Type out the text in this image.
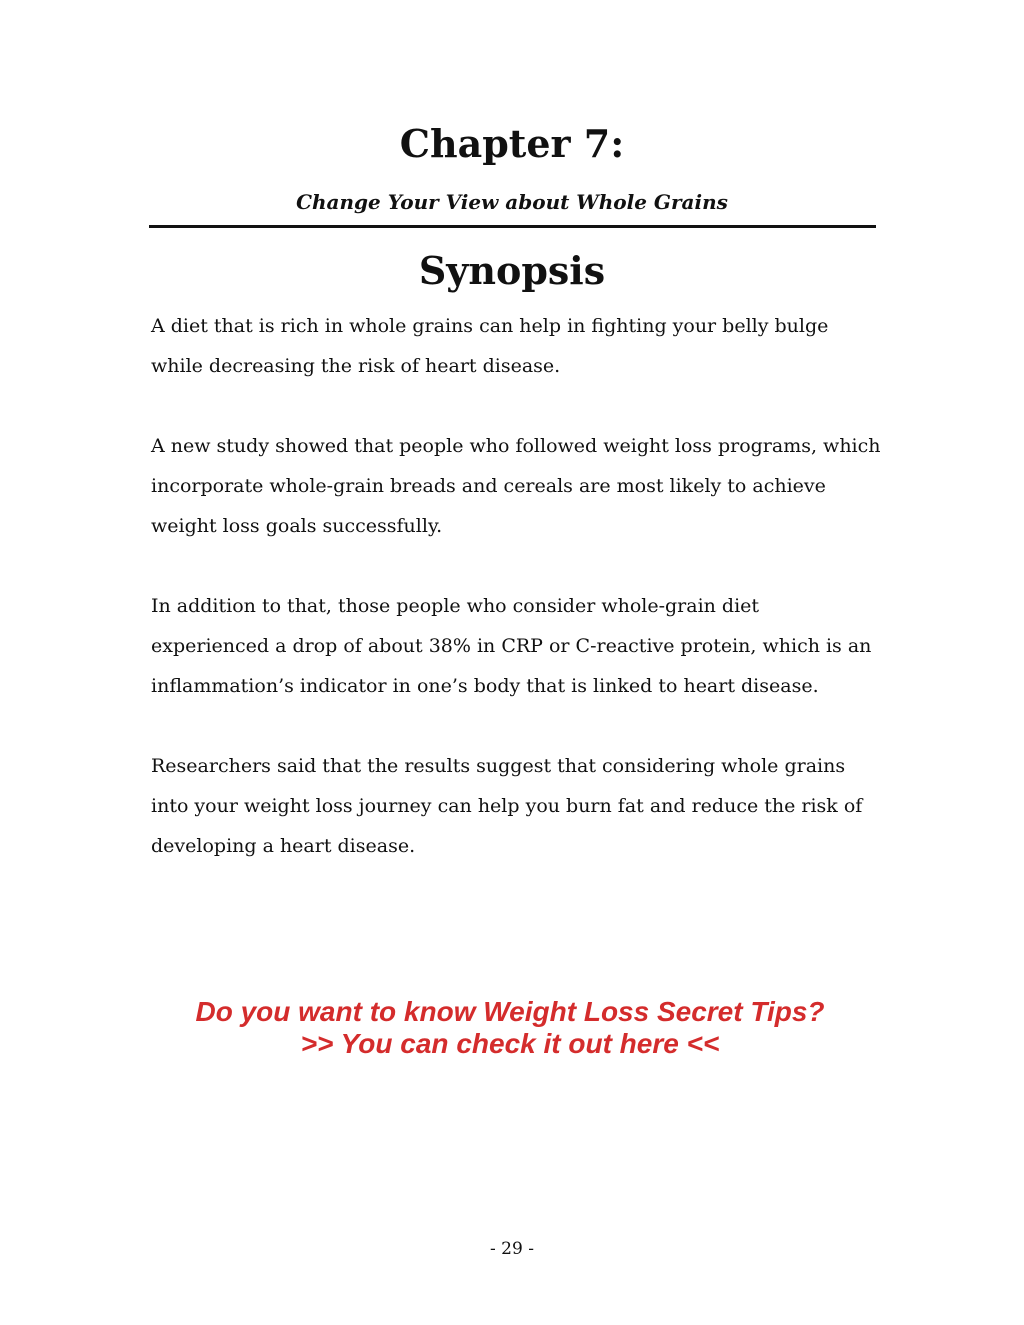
Chapter 7:
Change Your View about Whole Grains
Synopsis

A diet that is rich in whole grains can help in fighting your belly bulge while decreasing the risk of heart disease.

A new study showed that people who followed weight loss programs, which incorporate whole-grain breads and cereals are most likely to achieve weight loss goals successfully.

In addition to that, those people who consider whole-grain diet experienced a drop of about 38% in CRP or C-reactive protein, which is an inflammation’s indicator in one’s body that is linked to heart disease.

Researchers said that the results suggest that considering whole grains into your weight loss journey can help you burn fat and reduce the risk of developing a heart disease.

Do you want to know Weight Loss Secret Tips?
>> You can check it out here <<
- 29 -
